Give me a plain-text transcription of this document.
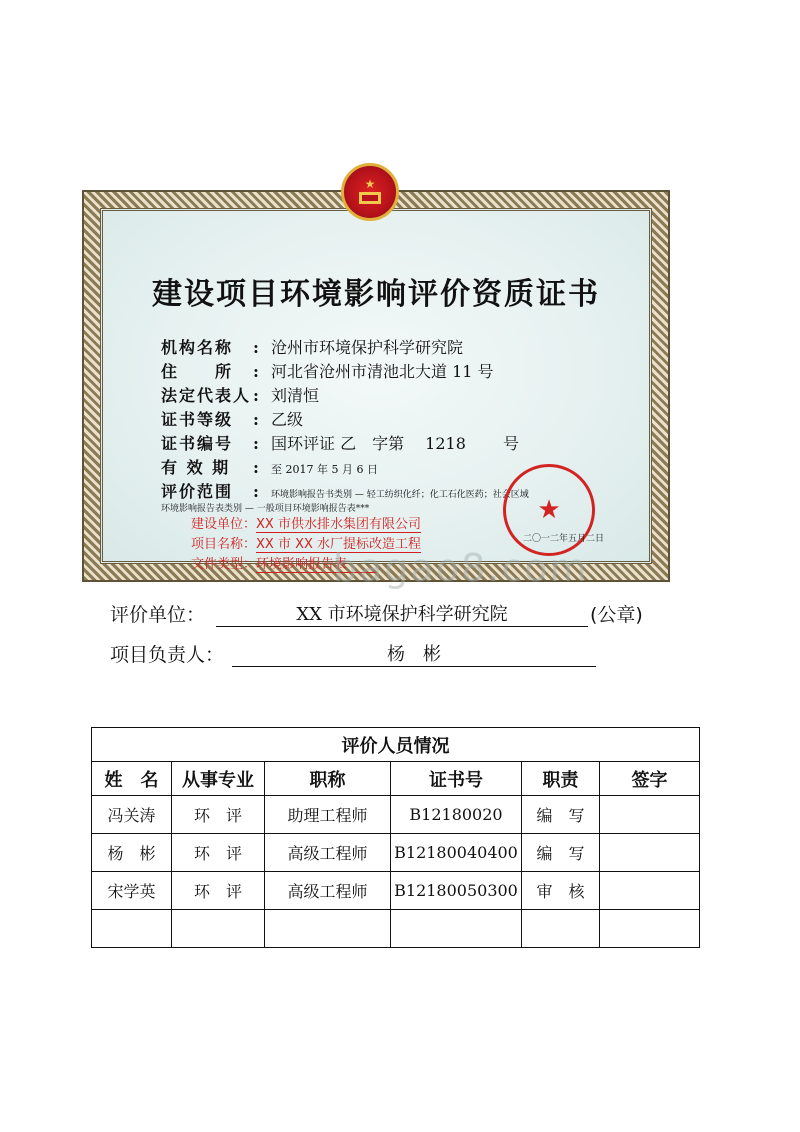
建设项目环境影响评价资质证书
机构名称 : 沧州市环境保护科学研究院
住　　所 : 河北省沧州市清池北大道 11 号
法定代表人 : 刘清恒
证书等级 : 乙级
证书编号 : 国环评证 乙　字第　 1218　　 号
有 效 期 : 至 2017 年 5 月 6 日
评价范围 : 环境影响报告书类别 — 轻工纺织化纤；化工石化医药；社会区域
环境影响报告表类别 — 一般项目环境影响报告表***
建设单位：XX 市供水排水集团有限公司
项目名称：XX 市 XX 水厂提标改造工程
文件类型：环境影响报告表
★
二〇一二年五月二日
bagao8.com
★
评价单位：	XX 市环境保护科学研究院	(公章)
项目负责人：	杨　彬
评价人员情况					
姓　名	从事专业	职称	证书号	职责	签字
冯关涛	环　评	助理工程师	B12180020	编　写	
杨　彬	环　评	高级工程师	B12180040400	编　写	
宋学英	环　评	高级工程师	B12180050300	审　核	
